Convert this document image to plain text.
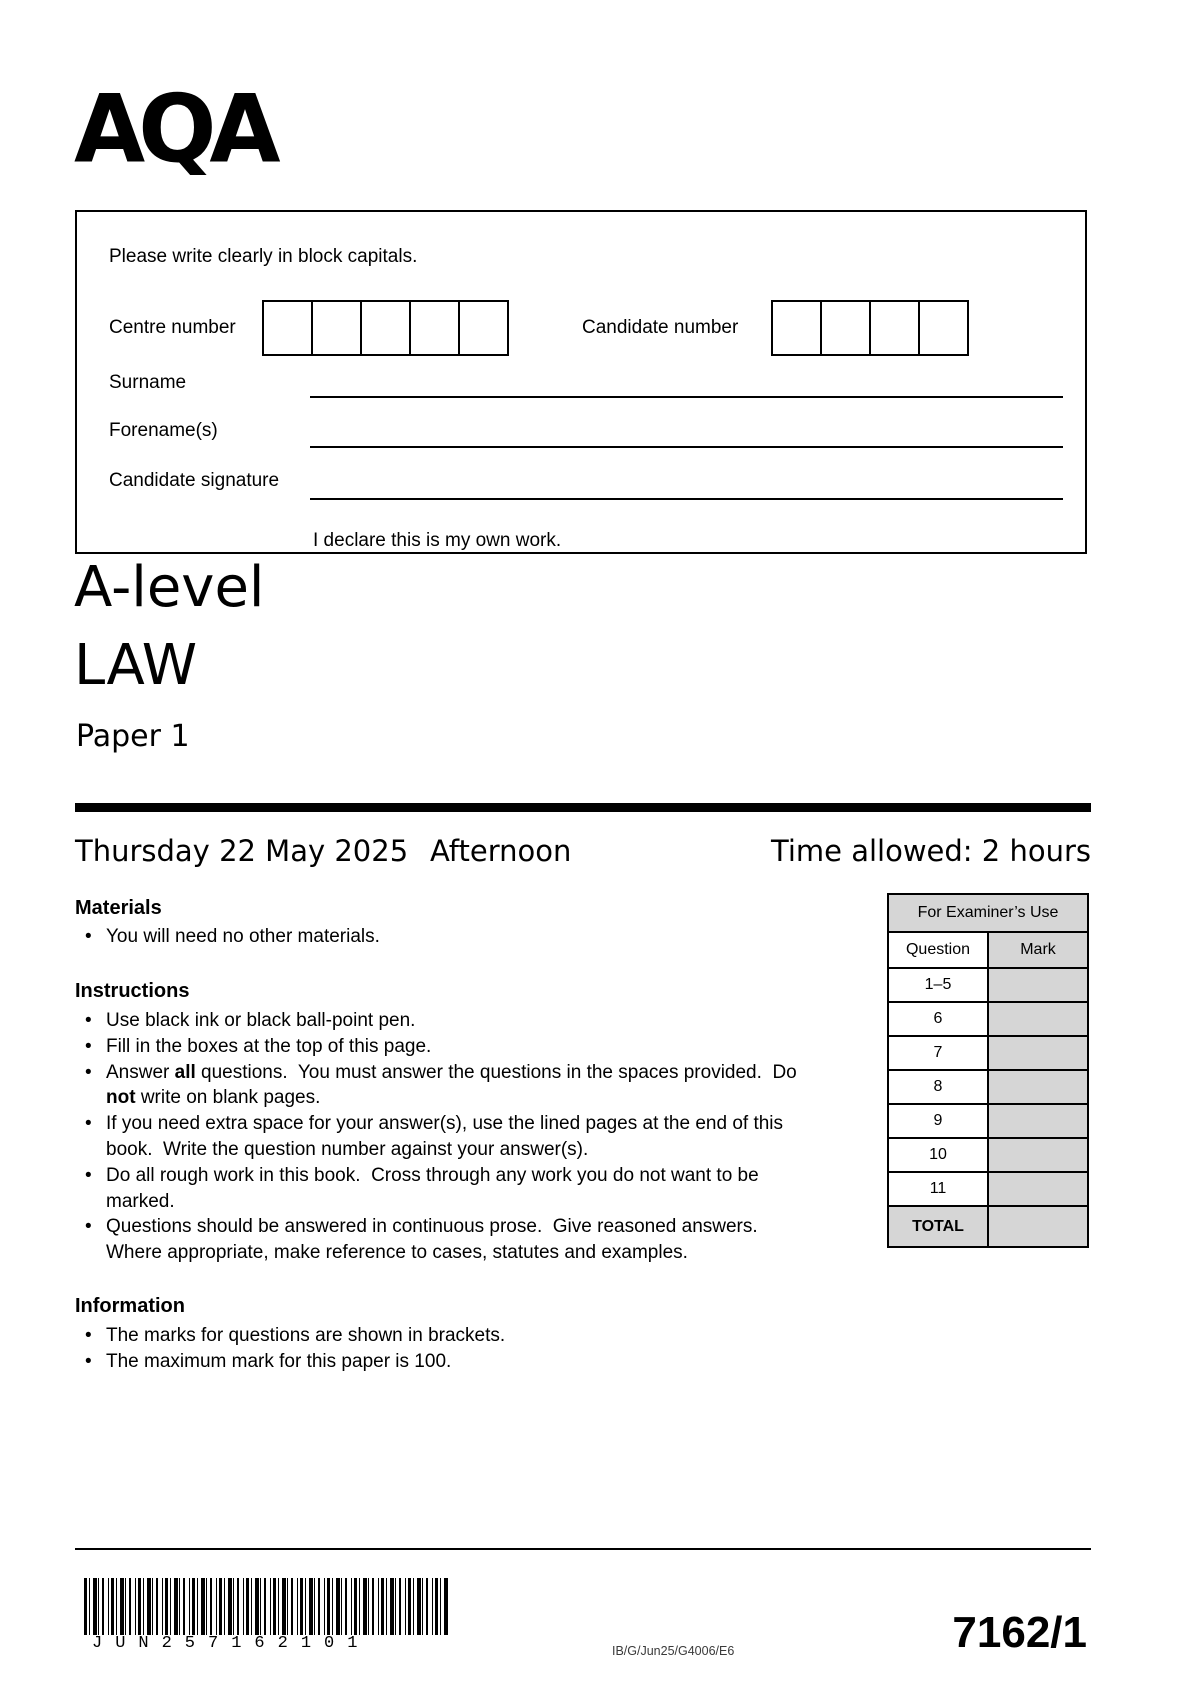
AQA
Please write clearly in block capitals.
Centre number	Candidate number
Surname
Forename(s)
Candidate signature
I declare this is my own work.
A-level
LAW
Paper 1
Thursday 22 May 2025 Afternoon	Time allowed: 2 hours
Materials
• You will need no other materials.
Instructions
• Use black ink or black ball-point pen.
• Fill in the boxes at the top of this page.
• Answer all questions.  You must answer the questions in the spaces provided.  Do not write on blank pages.
• If you need extra space for your answer(s), use the lined pages at the end of this book.  Write the question number against your answer(s).
• Do all rough work in this book.  Cross through any work you do not want to be marked.
• Questions should be answered in continuous prose.  Give reasoned answers.  Where appropriate, make reference to cases, statutes and examples.
Information
• The marks for questions are shown in brackets.
• The maximum mark for this paper is 100.
For Examiner’s Use	
Question	Mark
1–5	
6	
7	
8	
9	
10	
11	
TOTAL	
JUN257162101	IB/G/Jun25/G4006/E6	7162/1
